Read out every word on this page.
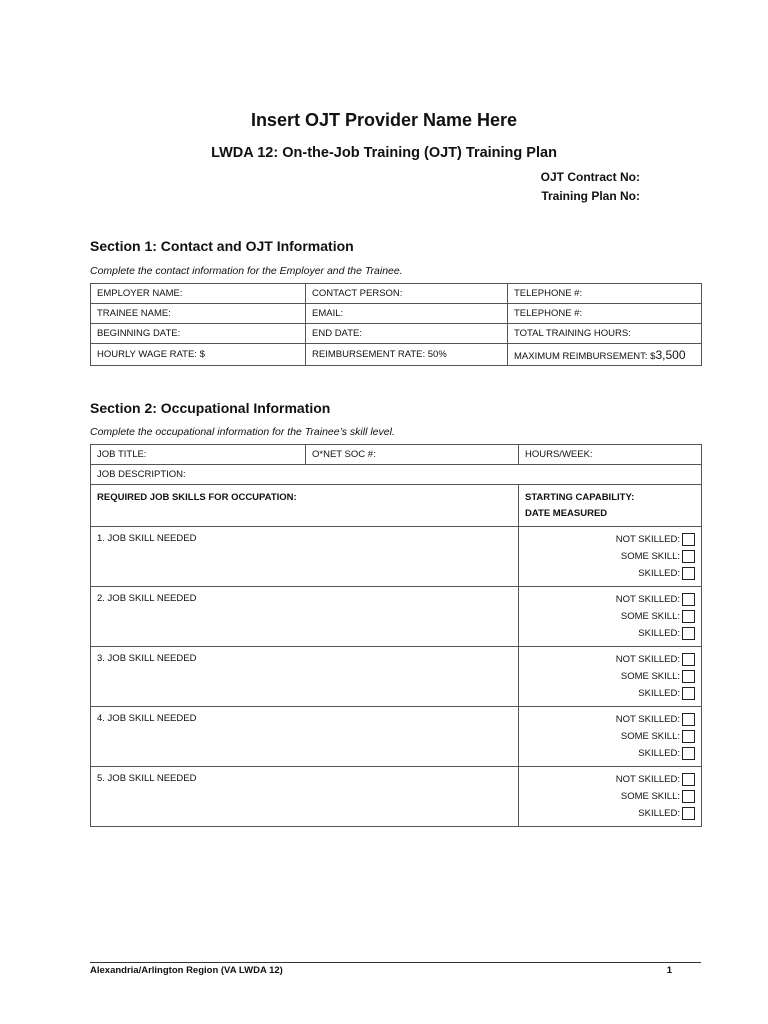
Insert OJT Provider Name Here
LWDA 12: On-the-Job Training (OJT) Training Plan
OJT Contract No:
Training Plan No:
Section 1: Contact and OJT Information
Complete the contact information for the Employer and the Trainee.
EMPLOYER NAME:	CONTACT PERSON:	TELEPHONE #:
TRAINEE NAME:	EMAIL:	TELEPHONE #:
BEGINNING DATE:	END DATE:	TOTAL TRAINING HOURS:
HOURLY WAGE RATE: $	REIMBURSEMENT RATE: 50%	MAXIMUM REIMBURSEMENT: $3,500
Section 2: Occupational Information
Complete the occupational information for the Trainee’s skill level.
JOB TITLE:	O*NET SOC #:	HOURS/WEEK:
JOB DESCRIPTION:		
REQUIRED JOB SKILLS FOR OCCUPATION:		STARTING CAPABILITY:
DATE MEASURED

1. JOB SKILL NEEDED		NOT SKILLED:
SOME SKILL:
SKILLED:

2. JOB SKILL NEEDED		NOT SKILLED:
SOME SKILL:
SKILLED:

3. JOB SKILL NEEDED		NOT SKILLED:
SOME SKILL:
SKILLED:

4. JOB SKILL NEEDED		NOT SKILLED:
SOME SKILL:
SKILLED:

5. JOB SKILL NEEDED		NOT SKILLED:
SOME SKILL:
SKILLED:
Alexandria/Arlington Region (VA LWDA 12)	1
